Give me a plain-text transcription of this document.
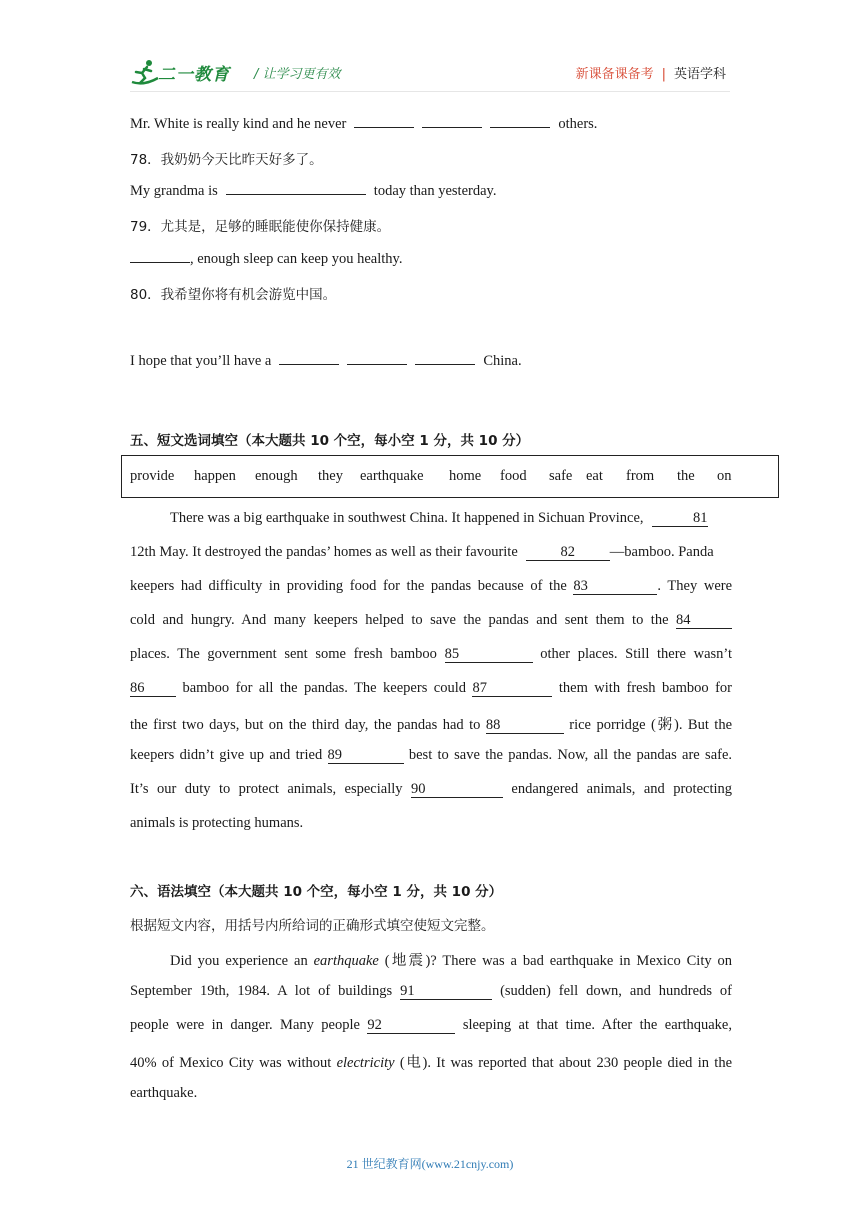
二一教育 / 让学习更有效	新课备课备考 | 英语学科
Mr. White is really kind and he never	others.
78．我奶奶今天比昨天好多了。
My grandma is	today than yesterday.
79．尤其是，足够的睡眠能使你保持健康。
, enough sleep can keep you healthy.
80．我希望你将有机会游览中国。
I hope that you’ll have a	China.
五、短文选词填空（本大题共 10 个空，每小空 1 分，共 10 分）
provide happen enough they earthquake home food safe eat from the on
There was a big earthquake in southwest China. It happened in Sichuan Province,	81
12th May. It destroyed the pandas’ homes as well as their favourite	82 —bamboo. Panda
keepers had difficulty in providing food for the pandas because of the 83	. They were
cold and hungry. And many keepers helped to save the pandas and sent them to the 84
places. The government sent some fresh bamboo 85	other places. Still there wasn’t
86	bamboo for all the pandas. The keepers could 87	them with fresh bamboo for
the first two days, but on the third day, the pandas had to 88	rice porridge (粥). But the
keepers didn’t give up and tried 89	best to save the pandas. Now, all the pandas are safe.
It’s our duty to protect animals, especially 90	endangered animals, and protecting
animals is protecting humans.
六、语法填空（本大题共 10 个空，每小空 1 分，共 10 分）
根据短文内容，用括号内所给词的正确形式填空使短文完整。
Did you experience an earthquake (地震)? There was a bad earthquake in Mexico City on
September 19th, 1984. A lot of buildings 91	(sudden) fell down, and hundreds of
people were in danger. Many people 92	sleeping at that time. After the earthquake,
40% of Mexico City was without electricity (电). It was reported that about 230 people died in the
earthquake.
21 世纪教育网(www.21cnjy.com)
